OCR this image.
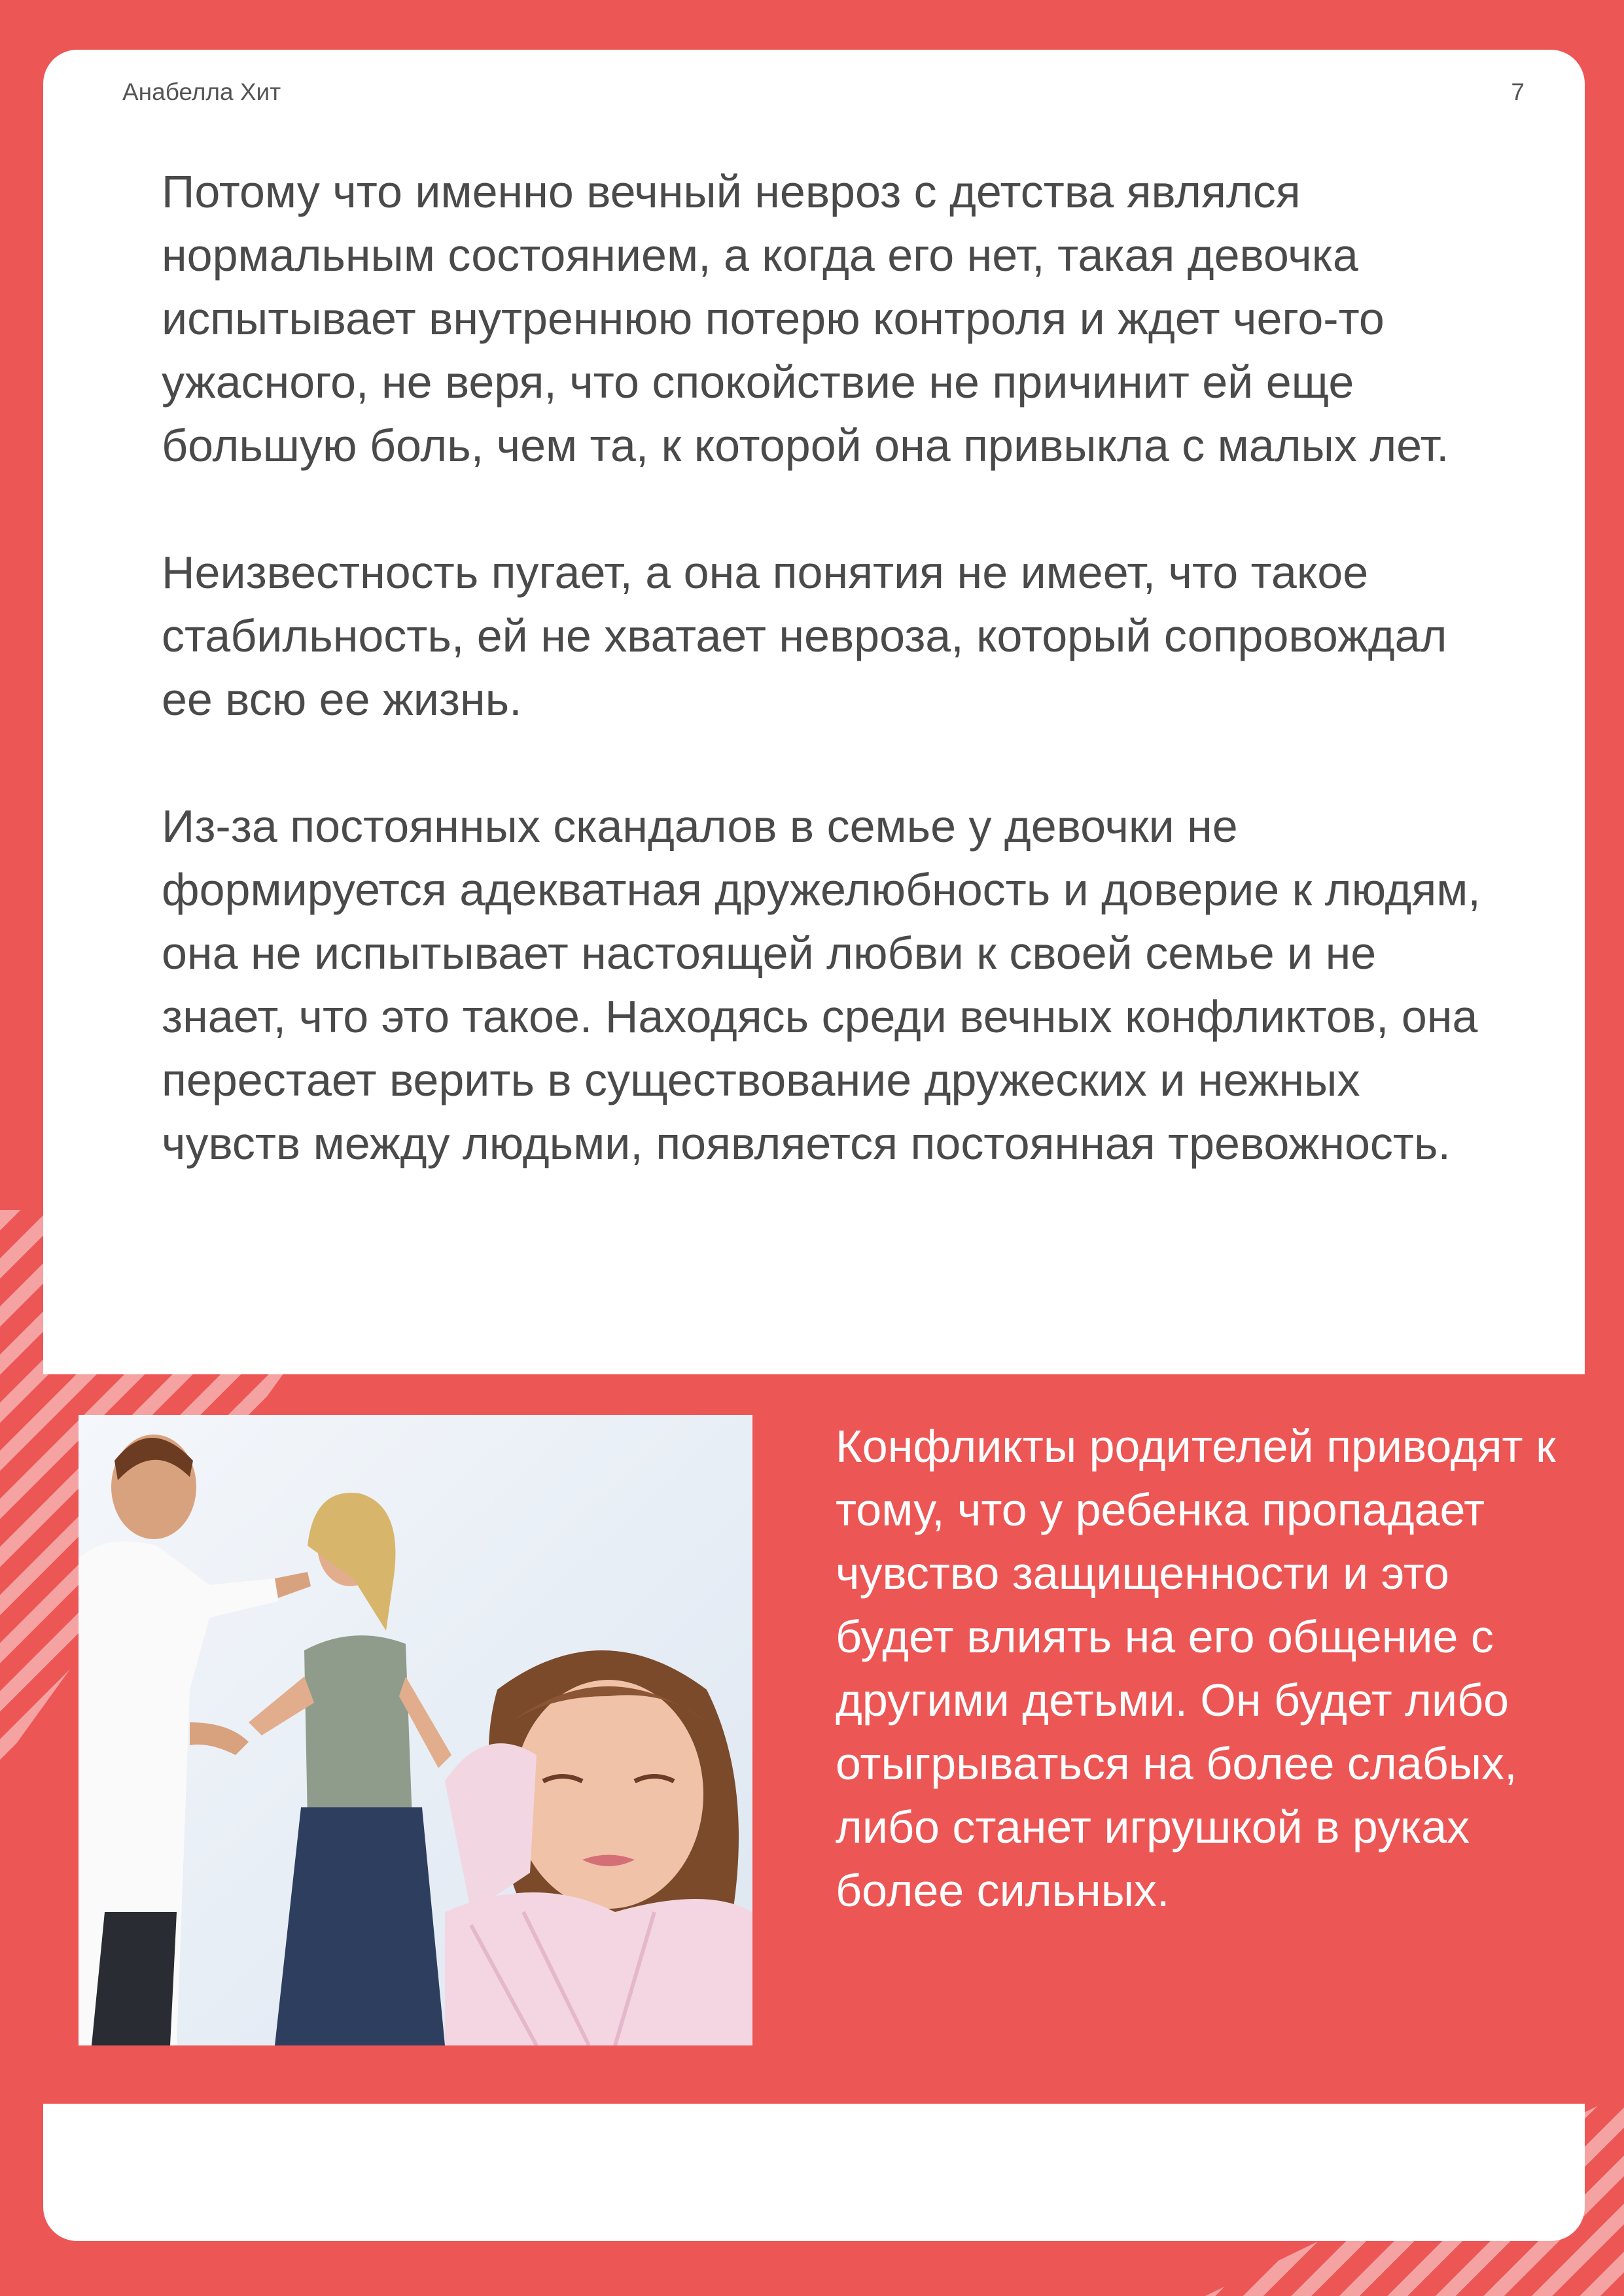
Анабелла Хит	7

Потому что именно вечный невроз с детства являлся нормальным состоянием, а когда его нет, такая девочка испытывает внутреннюю потерю контроля и ждет чего-то ужасного, не веря, что спокойствие не причинит ей еще большую боль, чем та, к которой она привыкла с малых лет.

Неизвестность пугает, а она понятия не имеет, что такое стабильность, ей не хватает невроза, который сопровождал ее всю ее жизнь.

Из-за постоянных скандалов в семье у девочки не формируется адекватная дружелюбность и доверие к людям, она не испытывает настоящей любви к своей семье и не знает, что это такое. Находясь среди вечных конфликтов, она перестает верить в существование дружеских и нежных чувств между людьми, появляется постоянная тревожность.

Конфликты родителей приводят к тому, что у ребенка пропадает чувство защищенности и это будет влиять на его общение с другими детьми. Он будет либо отыгрываться на более слабых, либо станет игрушкой в руках более сильных.
